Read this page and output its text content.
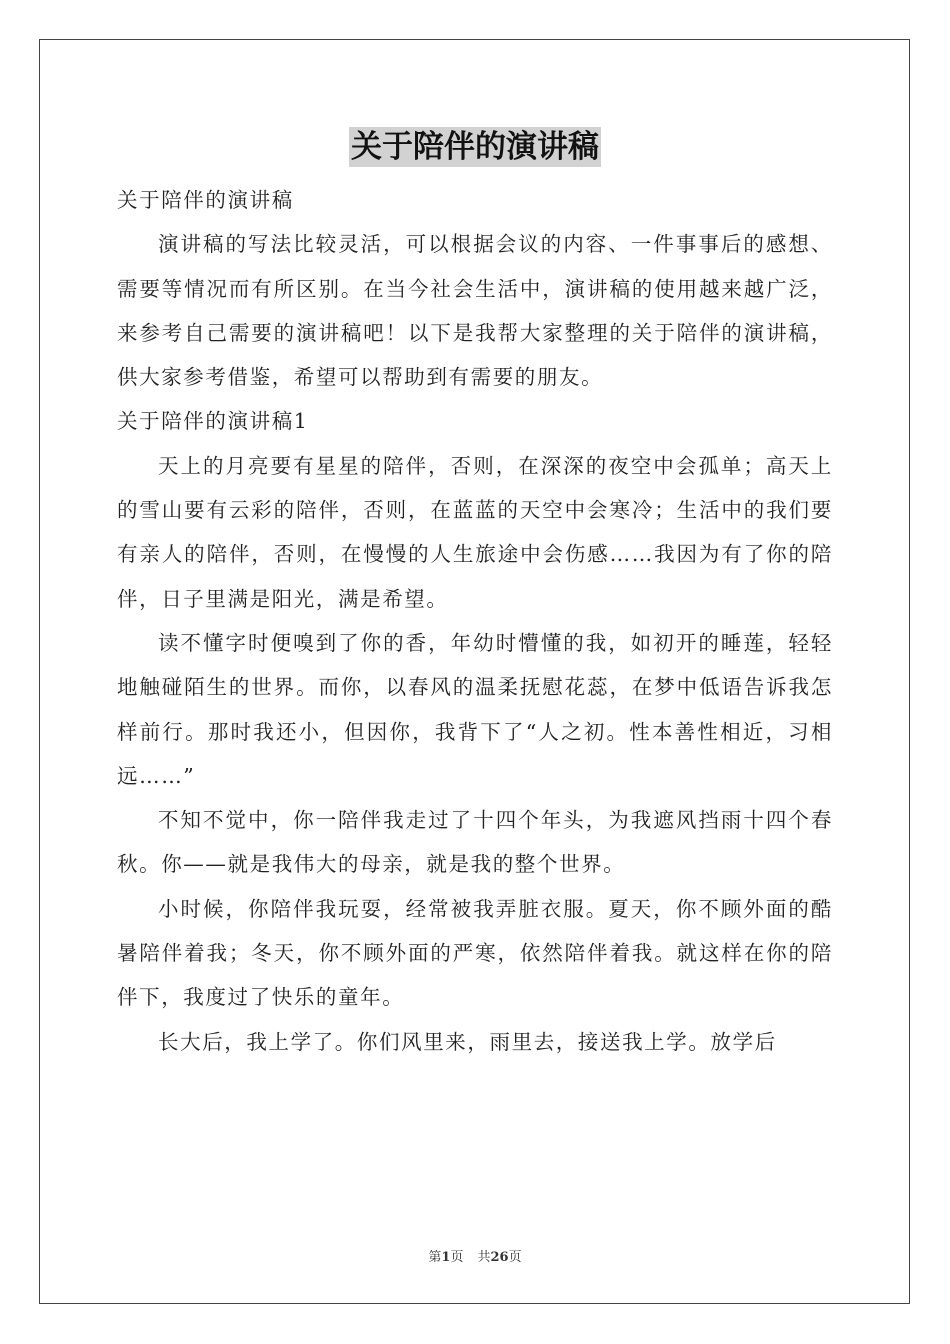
关于陪伴的演讲稿

关于陪伴的演讲稿

演讲稿的写法比较灵活，可以根据会议的内容、一件事事后的感想、需要等情况而有所区别。在当今社会生活中，演讲稿的使用越来越广泛，来参考自己需要的演讲稿吧！以下是我帮大家整理的关于陪伴的演讲稿，供大家参考借鉴，希望可以帮助到有需要的朋友。

关于陪伴的演讲稿1

天上的月亮要有星星的陪伴，否则，在深深的夜空中会孤单；高天上的雪山要有云彩的陪伴，否则，在蓝蓝的天空中会寒冷；生活中的我们要有亲人的陪伴，否则，在慢慢的人生旅途中会伤感……我因为有了你的陪伴，日子里满是阳光，满是希望。

读不懂字时便嗅到了你的香，年幼时懵懂的我，如初开的睡莲，轻轻地触碰陌生的世界。而你，以春风的温柔抚慰花蕊，在梦中低语告诉我怎样前行。那时我还小，但因你，我背下了“人之初。性本善性相近，习相远……”

不知不觉中，你一陪伴我走过了十四个年头，为我遮风挡雨十四个春秋。你——就是我伟大的母亲，就是我的整个世界。

小时候，你陪伴我玩耍，经常被我弄脏衣服。夏天，你不顾外面的酷暑陪伴着我；冬天，你不顾外面的严寒，依然陪伴着我。就这样在你的陪伴下，我度过了快乐的童年。

长大后，我上学了。你们风里来，雨里去，接送我上学。放学后

第1页 共26页
